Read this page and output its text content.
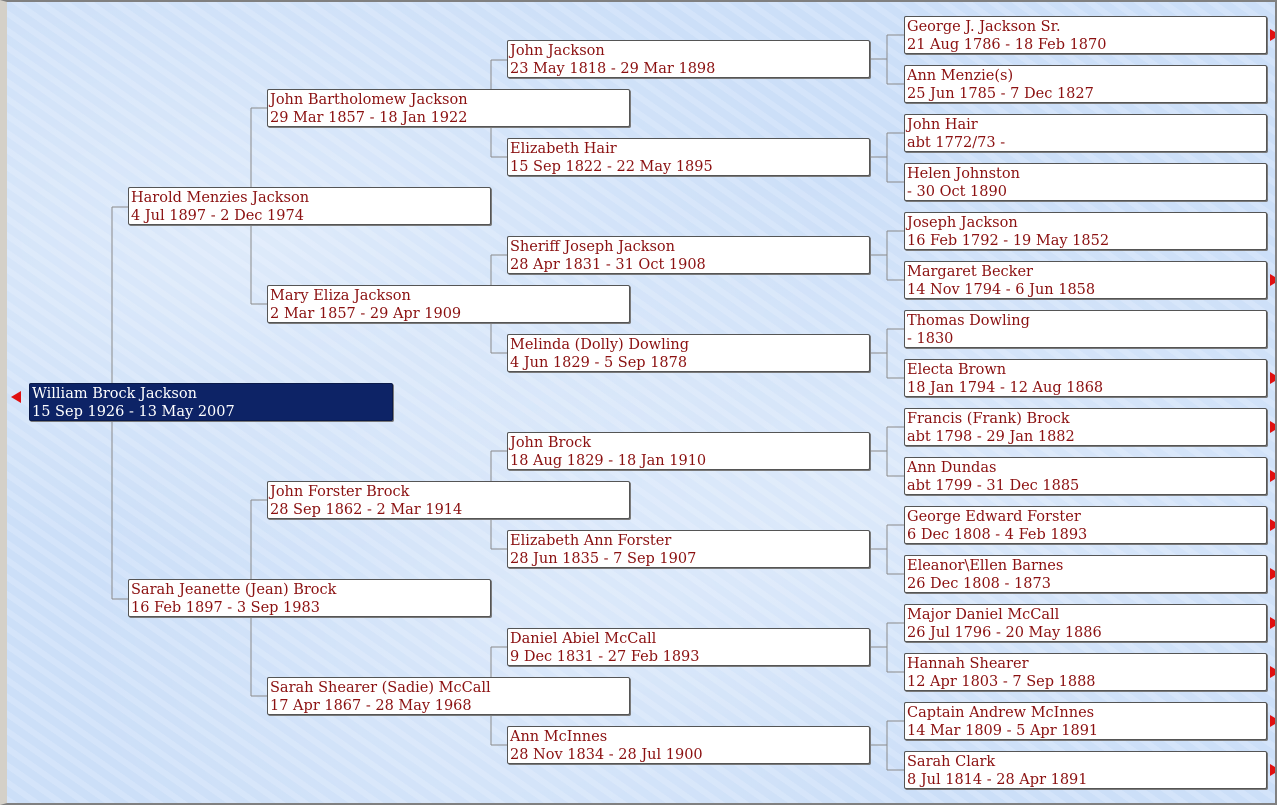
William Brock Jackson
15 Sep 1926 - 13 May 2007
Harold Menzies Jackson
4 Jul 1897 - 2 Dec 1974
Sarah Jeanette (Jean) Brock
16 Feb 1897 - 3 Sep 1983
John Bartholomew Jackson
29 Mar 1857 - 18 Jan 1922
Mary Eliza Jackson
2 Mar 1857 - 29 Apr 1909
John Forster Brock
28 Sep 1862 - 2 Mar 1914
Sarah Shearer (Sadie) McCall
17 Apr 1867 - 28 May 1968
John Jackson
23 May 1818 - 29 Mar 1898
Elizabeth Hair
15 Sep 1822 - 22 May 1895
Sheriff Joseph Jackson
28 Apr 1831 - 31 Oct 1908
Melinda (Dolly) Dowling
4 Jun 1829 - 5 Sep 1878
John Brock
18 Aug 1829 - 18 Jan 1910
Elizabeth Ann Forster
28 Jun 1835 - 7 Sep 1907
Daniel Abiel McCall
9 Dec 1831 - 27 Feb 1893
Ann McInnes
28 Nov 1834 - 28 Jul 1900
George J. Jackson Sr.
21 Aug 1786 - 18 Feb 1870
Ann Menzie(s)
25 Jun 1785 - 7 Dec 1827
John Hair
abt 1772/73 -
Helen Johnston
- 30 Oct 1890
Joseph Jackson
16 Feb 1792 - 19 May 1852
Margaret Becker
14 Nov 1794 - 6 Jun 1858
Thomas Dowling
- 1830
Electa Brown
18 Jan 1794 - 12 Aug 1868
Francis (Frank) Brock
abt 1798 - 29 Jan 1882
Ann Dundas
abt 1799 - 31 Dec 1885
George Edward Forster
6 Dec 1808 - 4 Feb 1893
Eleanor\Ellen Barnes
26 Dec 1808 - 1873
Major Daniel McCall
26 Jul 1796 - 20 May 1886
Hannah Shearer
12 Apr 1803 - 7 Sep 1888
Captain Andrew McInnes
14 Mar 1809 - 5 Apr 1891
Sarah Clark
8 Jul 1814 - 28 Apr 1891
